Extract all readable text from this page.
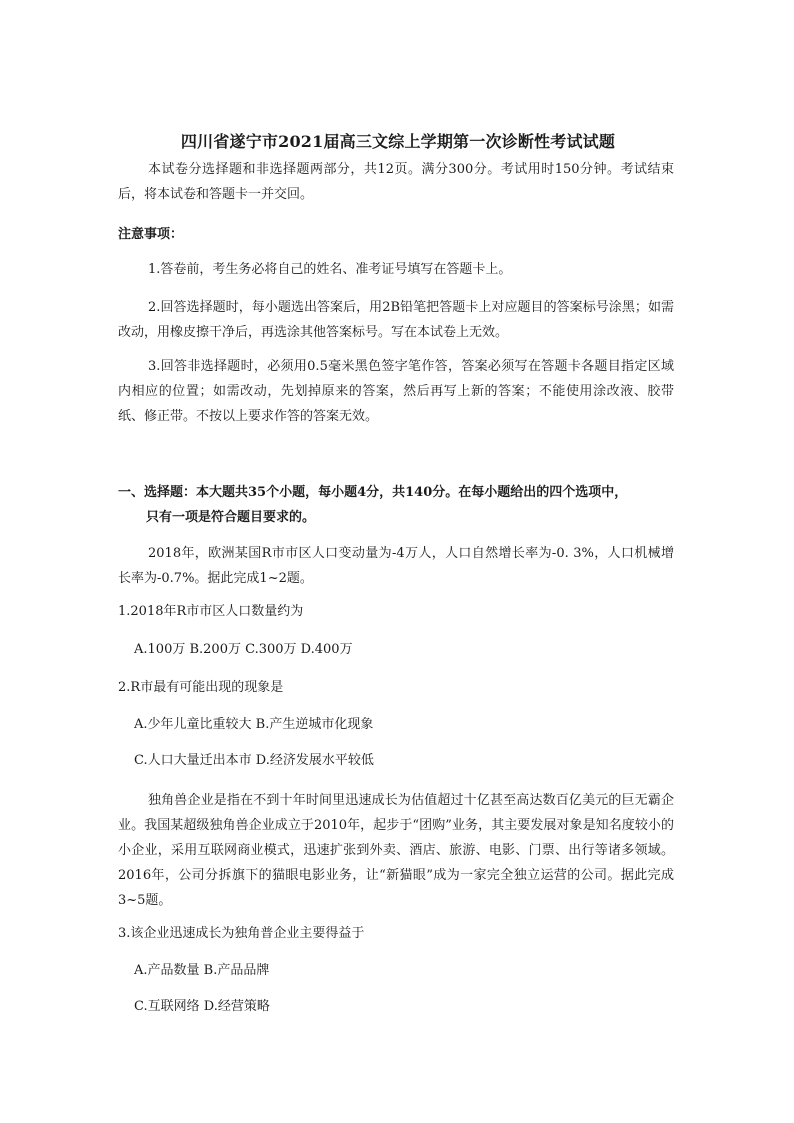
四川省遂宁市2021届高三文综上学期第一次诊断性考试试题

本试卷分选择题和非选择题两部分，共12页。满分300分。考试用时150分钟。考试结束后，将本试卷和答题卡一并交回。

注意事项：

1.答卷前，考生务必将自己的姓名、准考证号填写在答题卡上。

2.回答选择题时，每小题选出答案后，用2B铅笔把答题卡上对应题目的答案标号涂黑；如需改动，用橡皮擦干净后，再选涂其他答案标号。写在本试卷上无效。

3.回答非选择题时，必须用0.5毫米黑色签字笔作答，答案必须写在答题卡各题目指定区域内相应的位置；如需改动，先划掉原来的答案，然后再写上新的答案；不能使用涂改液、胶带纸、修正带。不按以上要求作答的答案无效。

一、选择题：本大题共35个小题，每小题4分，共140分。在每小题给出的四个选项中，
只有一项是符合题目要求的。

2018年，欧洲某国R市市区人口变动量为-4万人，人口自然增长率为-0. 3%，人口机械增长率为-0.7%。据此完成1~2题。

1.2018年R市市区人口数量约为

A.100万 B.200万 C.300万 D.400万

2.R市最有可能出现的现象是

A.少年儿童比重较大 B.产生逆城市化现象

C.人口大量迁出本市 D.经济发展水平较低

独角兽企业是指在不到十年时间里迅速成长为估值超过十亿甚至高达数百亿美元的巨无霸企业。我国某超级独角兽企业成立于2010年，起步于“团购”业务，其主要发展对象是知名度较小的小企业，采用互联网商业模式，迅速扩张到外卖、酒店、旅游、电影、门票、出行等诸多领域。2016年，公司分拆旗下的猫眼电影业务，让“新猫眼”成为一家完全独立运营的公司。据此完成3~5题。

3.该企业迅速成长为独角普企业主要得益于

A.产品数量 B.产品品牌

C.互联网络 D.经营策略
